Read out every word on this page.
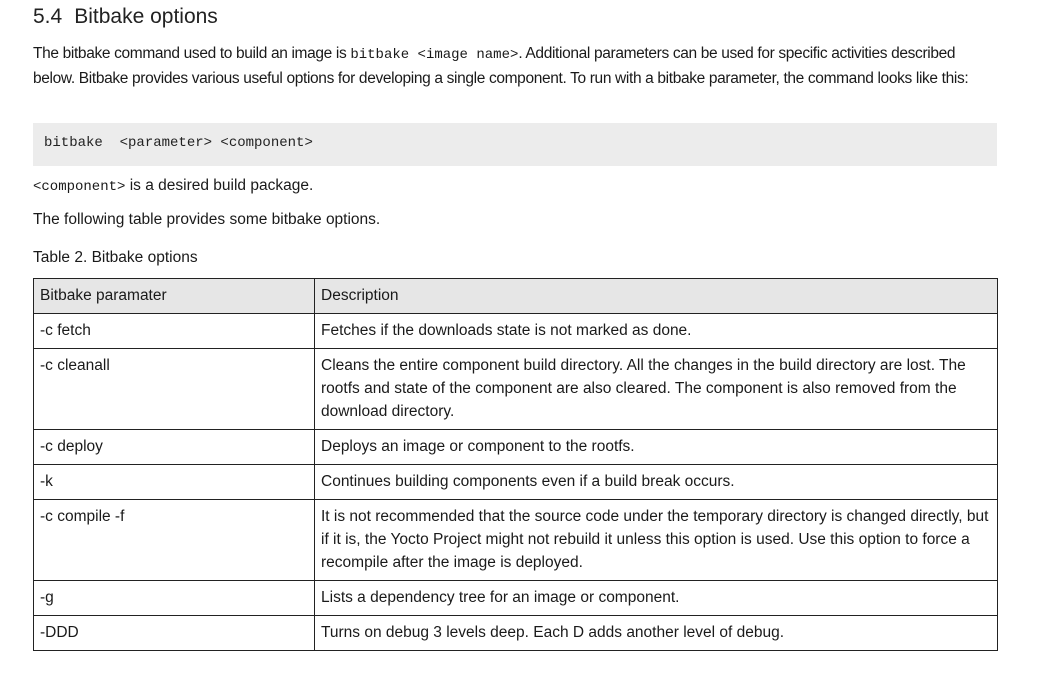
5.4 Bitbake options

The bitbake command used to build an image is bitbake <image name>. Additional parameters can be used for specific activities described below. Bitbake provides various useful options for developing a single component. To run with a bitbake parameter, the command looks like this:

bitbake  <parameter> <component>

<component> is a desired build package.

The following table provides some bitbake options.

Table 2. Bitbake options

Bitbake paramater	Description
-c fetch	Fetches if the downloads state is not marked as done.
-c cleanall	Cleans the entire component build directory. All the changes in the build directory are lost. The rootfs and state of the component are also cleared. The component is also removed from the download directory.
-c deploy	Deploys an image or component to the rootfs.
-k	Continues building components even if a build break occurs.
-c compile -f	It is not recommended that the source code under the temporary directory is changed directly, but if it is, the Yocto Project might not rebuild it unless this option is used. Use this option to force a recompile after the image is deployed.
-g	Lists a dependency tree for an image or component.
-DDD	Turns on debug 3 levels deep. Each D adds another level of debug.
